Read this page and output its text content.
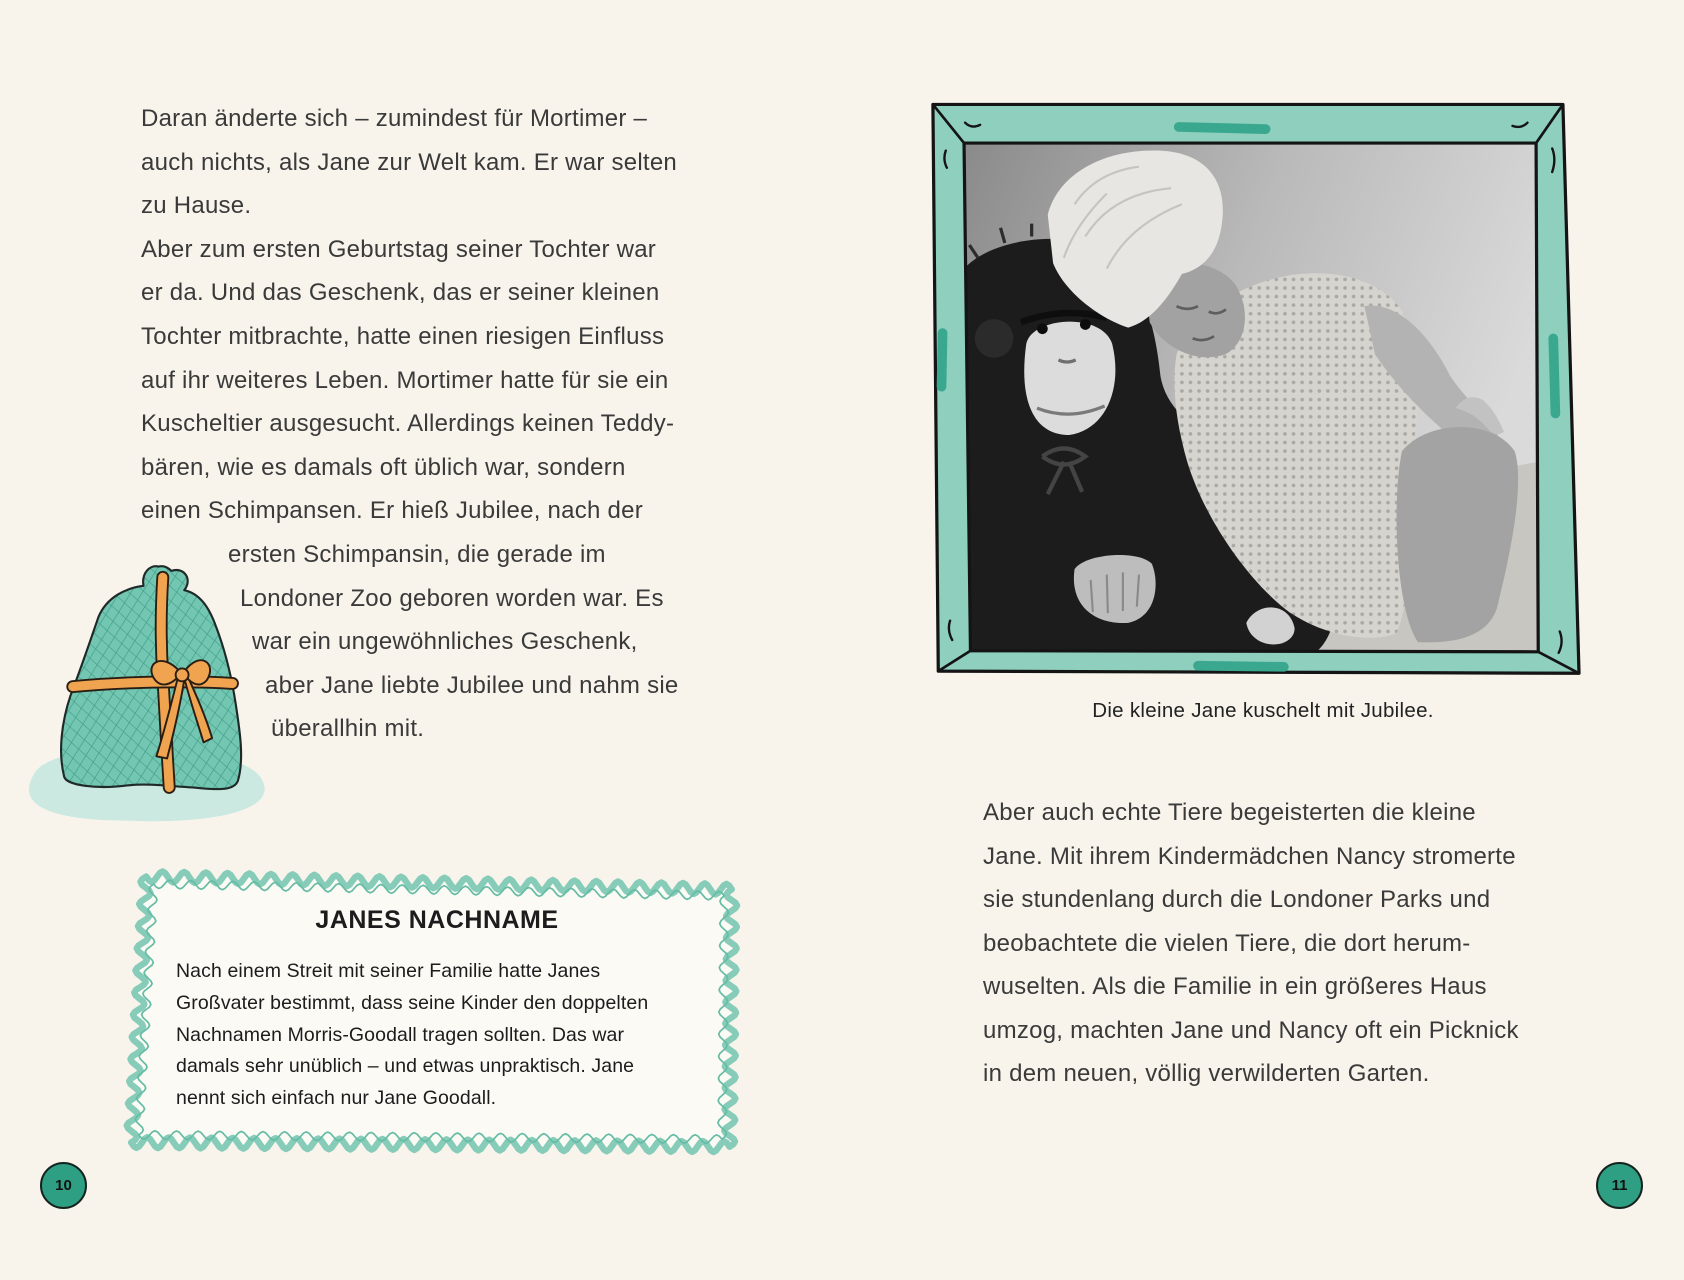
Daran änderte sich – zumindest für Mortimer –
auch nichts, als Jane zur Welt kam. Er war selten
zu Hause.
Aber zum ersten Geburtstag seiner Tochter war
er da. Und das Geschenk, das er seiner kleinen
Tochter mitbrachte, hatte einen riesigen Einfluss
auf ihr weiteres Leben. Mortimer hatte für sie ein
Kuscheltier ausgesucht. Allerdings keinen Teddy-
bären, wie es damals oft üblich war, sondern
einen Schimpansen. Er hieß Jubilee, nach der
ersten Schimpansin, die gerade im
Londoner Zoo geboren worden war. Es
war ein ungewöhnliches Geschenk,
aber Jane liebte Jubilee und nahm sie
überallhin mit.
JANES NACHNAME
Nach einem Streit mit seiner Familie hatte Janes
Großvater bestimmt, dass seine Kinder den doppelten
Nachnamen Morris-Goodall tragen sollten. Das war
damals sehr unüblich – und etwas unpraktisch. Jane
nennt sich einfach nur Jane Goodall.
10
Die kleine Jane kuschelt mit Jubilee.
Aber auch echte Tiere begeisterten die kleine
Jane. Mit ihrem Kindermädchen Nancy stromerte
sie stundenlang durch die Londoner Parks und
beobachtete die vielen Tiere, die dort herum-
wuselten. Als die Familie in ein größeres Haus
umzog, machten Jane und Nancy oft ein Picknick
in dem neuen, völlig verwilderten Garten.
11
